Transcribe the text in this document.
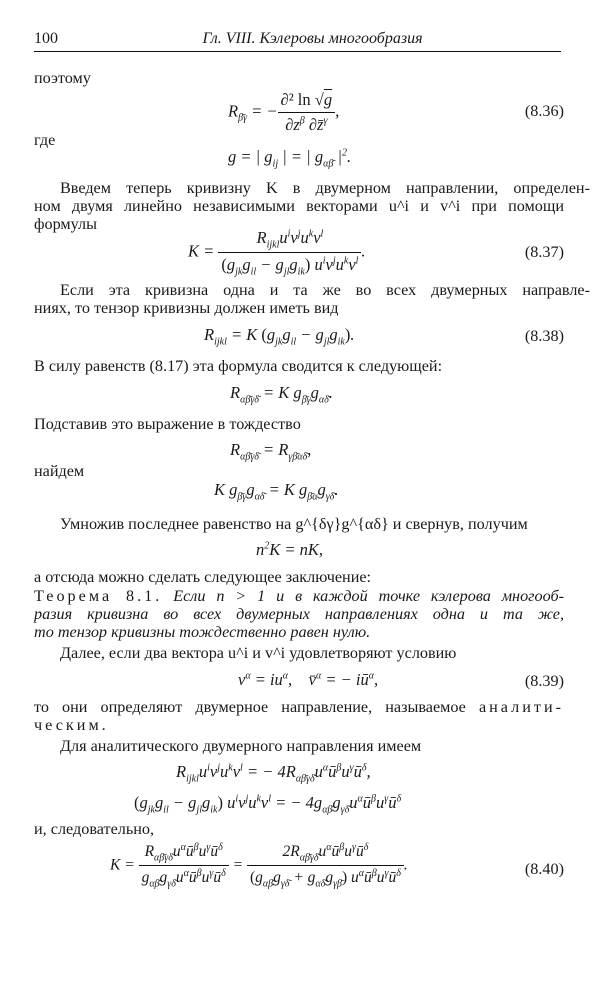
100	Гл. VIII. Кэлеровы многообразия
поэтому
$R_{\betā\gamma}$ = − $\frac{\text{∂² ln √g}}{\partial z^\beta \partial z̄^\gamma}$ ,	(8.36)
где
g = | $g_{ij}$ | = | $g_{\alpha\betā}$ $|^2$.
Введем теперь кривизну K в двумерном направлении, определен-
ном двумя линейно независимыми векторами u^i и v^i при помощи
формулы
$K = \frac{R_{ijkl}u^iv^ju^kv^l}{(g_{jk}g_{il} - g_{jl}g_{ik}) u^iv^ju^kv^l}$ .	(8.37)
Если эта кривизна одна и та же во всех двумерных направле-
ниях, то тензор кривизны должен иметь вид
$R_{ijkl} = K$ $(g_{jk}g_{il} - g_{jl}g_{ik})$.	(8.38)
В силу равенств (8.17) эта формула сводится к следующей:
$R_{\alpha\betā\gamma\deltā} = K$ $g_{\betā\gamma}g_{\alpha\deltā}$.
Подставив это выражение в тождество
$R_{\alpha\betā\gamma\deltā} = R_{\gamma\betā\alpha\deltā}$,
найдем
K $g_{\betā\gamma}g_{\alpha\deltā} = K$ $g_{\betā\alpha}g_{\gamma\deltā}$.
Умножив последнее равенство на g^{δγ}g^{αδ} и свернув, получим
$n^2K$ = nK,
а отсюда можно сделать следующее заключение:
Теорема 8.1. Если n > 1 и в каждой точке кэлерова многооб-
разия кривизна во всех двумерных направлениях одна и та же,
то тензор кривизны тождественно равен нулю.
Далее, если два вектора u^i и v^i удовлетворяют условию
$v^\alpha = iu^\alpha$,    v̄$^\alpha$ = − $iū^\alpha$,	(8.39)
то они определяют двумерное направление, называемое аналити-
ческим.
Для аналитического двумерного направления имеем
$R_{ijkl}u^iv^ju^kv^l$ = − $4R_{\alpha\betā\gamma\deltā}u^\alpha ū^\beta u^\gamma ū^\delta$,
$(g_{jk}g_{il} - g_{jl}g_{ik}) u^iv^ju^kv^l$ = − $4g_{\alpha\betā}g_{\gamma\deltā}u^\alpha ū^\beta u^\gamma ū^\delta$
и, следовательно,
$K = \frac{R_{\alpha\betā\gamma\deltā}u^\alpha ū^\beta u^\gamma ū^\delta}{g_{\alpha\betā}g_{\gamma\deltā}u^\alpha ū^\beta u^\gamma ū^\delta} = \frac{2R_{\alpha\betā\gamma\deltā}u^\alpha ū^\beta u^\gamma ū^\delta}{(g_{\alpha\betā}g_{\gamma\deltā} + g_{\alpha\deltā}g_{\gamma\betā}) u^\alpha ū^\beta u^\gamma ū^\delta}$ .	(8.40)
